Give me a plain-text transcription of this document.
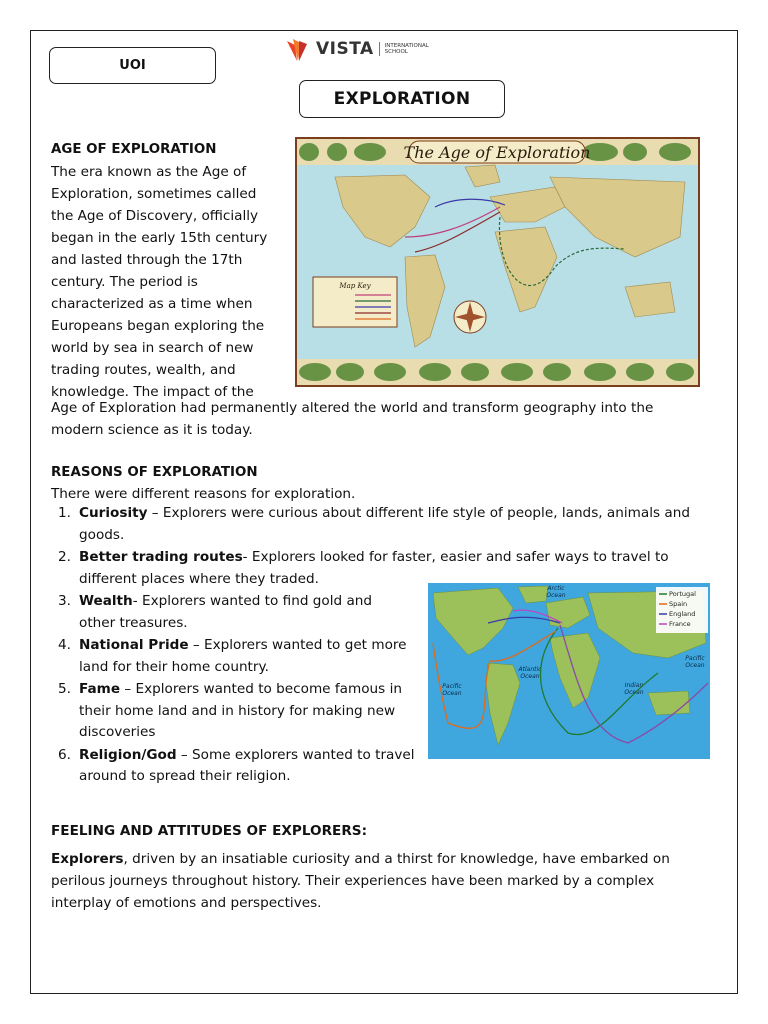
UOI
VISTA INTERNATIONAL
SCHOOL
EXPLORATION
AGE OF EXPLORATION
The era known as the Age of
Exploration, sometimes called
the Age of Discovery, officially
began in the early 15th century
and lasted through the 17th
century. The period is
characterized as a time when
Europeans began exploring the
world by sea in search of new
trading routes, wealth, and
knowledge. The impact of the
Age of Exploration had permanently altered the world and transform geography into the
modern science as it is today.
The Age of Exploration
Map Key
REASONS OF EXPLORATION
There were different reasons for exploration.
1. Curiosity – Explorers were curious about different life style of people, lands, animals and
goods.
2. Better trading routes- Explorers looked for faster, easier and safer ways to travel to
different places where they traded.
3. Wealth- Explorers wanted to find gold and
other treasures.
4. National Pride – Explorers wanted to get more
land for their home country.
5. Fame – Explorers wanted to become famous in
their home land and in history for making new
discoveries
6. Religion/God – Some explorers wanted to travel
around to spread their religion.
Arctic
Ocean
Atlantic
Ocean
Pacific
Ocean
Indian
Ocean
Pacific
Ocean
Portugal
Spain
England
France
FEELING AND ATTITUDES OF EXPLORERS:
Explorers, driven by an insatiable curiosity and a thirst for knowledge, have embarked on
perilous journeys throughout history. Their experiences have been marked by a complex
interplay of emotions and perspectives.
